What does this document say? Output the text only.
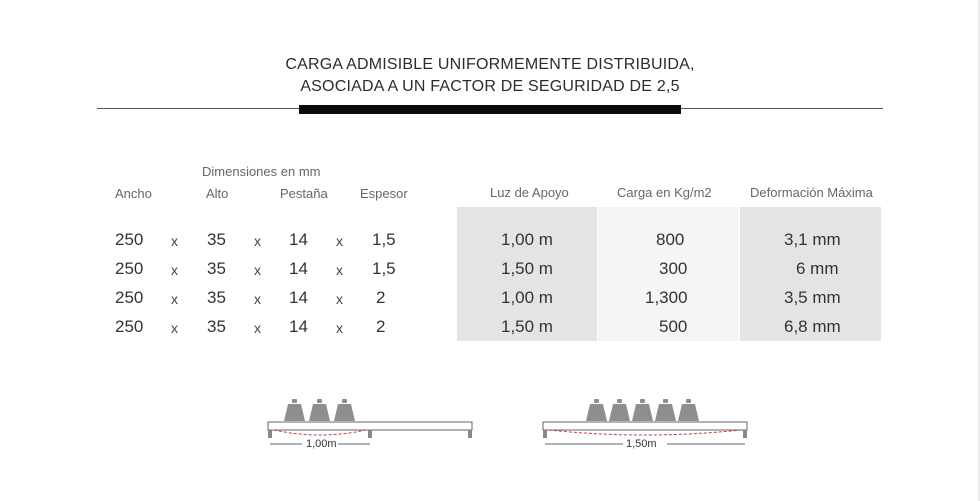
CARGA ADMISIBLE UNIFORMEMENTE DISTRIBUIDA,
ASOCIADA A UN FACTOR DE SEGURIDAD DE 2,5
Dimensiones en mm
Ancho	Alto	Pestaña Espesor	Luz de Apoyo	Carga en Kg/m2	Deformación Máxima
250 x 35 x 14 x 1,5	1,00 m	800	3,1 mm
250 x 35 x 14 x 1,5	1,50 m	300	6 mm
250 x 35 x 14 x 2	1,00 m	1,300	3,5 mm
250 x 35 x 14 x 2	1,50 m	500	6,8 mm
1,00m	1,50m
